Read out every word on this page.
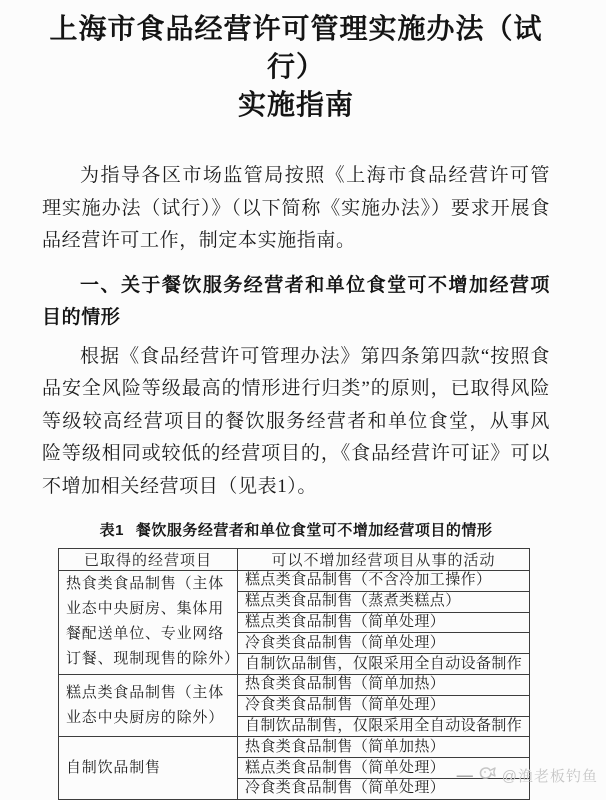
上海市食品经营许可管理实施办法（试行）
实施指南

为指导各区市场监管局按照《上海市食品经营许可管理实施办法（试行）》（以下简称《实施办法》）要求开展食品经营许可工作，制定本实施指南。

一、关于餐饮服务经营者和单位食堂可不增加经营项目的情形

根据《食品经营许可管理办法》第四条第四款“按照食品安全风险等级最高的情形进行归类”的原则，已取得风险等级较高经营项目的餐饮服务经营者和单位食堂，从事风险等级相同或较低的经营项目的，《食品经营许可证》可以不增加相关经营项目（见表1）。

表1 餐饮服务经营者和单位食堂可不增加经营项目的情形
已取得的经营项目	可以不增加经营项目从事的活动
热食类食品制售（主体业态中央厨房、集体用餐配送单位、专业网络订餐、现制现售的除外）	糕点类食品制售（不含冷加工操作）
	糕点类食品制售（蒸煮类糕点）
	糕点类食品制售（简单处理）
	冷食类食品制售（简单处理）
	自制饮品制售，仅限采用全自动设备制作
糕点类食品制售（主体业态中央厨房的除外）	热食类食品制售（简单加热）
	冷食类食品制售（简单处理）
	自制饮品制售，仅限采用全自动设备制作
自制饮品制售	热食类食品制售（简单加热）
	糕点类食品制售（简单处理）
	冷食类食品制售（简单处理）
— @渔老板钓鱼
